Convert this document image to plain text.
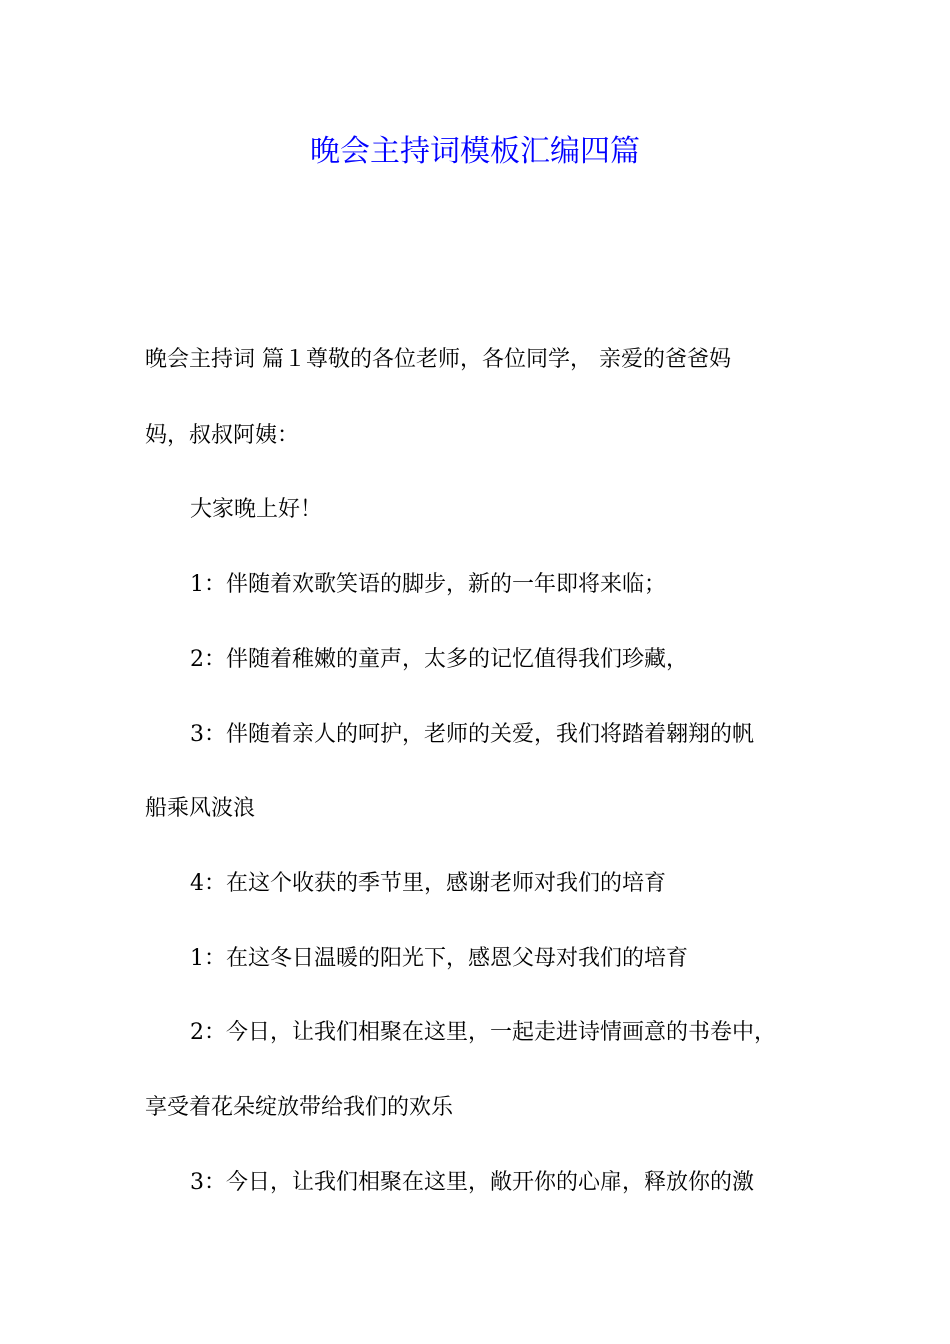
晚会主持词模板汇编四篇

晚会主持词 篇１尊敬的各位老师，各位同学， 亲爱的爸爸妈

妈，叔叔阿姨：

大家晚上好！

1：伴随着欢歌笑语的脚步，新的一年即将来临；

2：伴随着稚嫩的童声，太多的记忆值得我们珍藏，

3：伴随着亲人的呵护，老师的关爱，我们将踏着翱翔的帆

船乘风波浪

4：在这个收获的季节里，感谢老师对我们的培育

1：在这冬日温暖的阳光下，感恩父母对我们的培育

2：今日，让我们相聚在这里，一起走进诗情画意的书卷中，

享受着花朵绽放带给我们的欢乐

3：今日，让我们相聚在这里，敞开你的心扉，释放你的激
